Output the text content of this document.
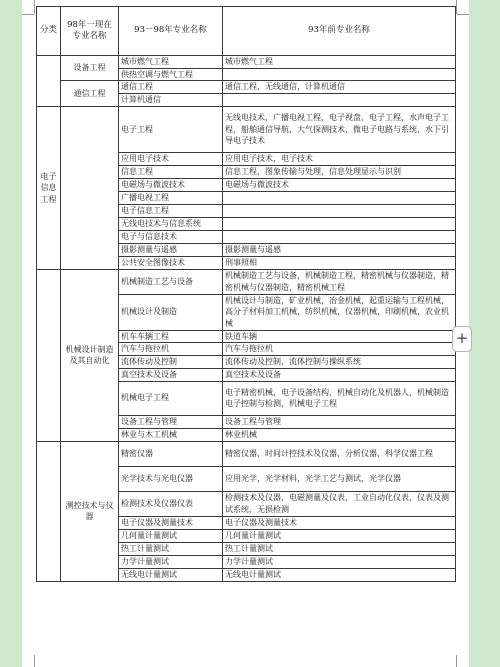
分类	98年一现在专业名称	93－98年专业名称	93年前专业名称
	设备工程	城市燃气工程	城市燃气工程
		供热空调与燃气工程	
	通信工程	通信工程	通信工程，无线通信，计算机通信
		计算机通信	
电子信息工程		电子工程	无线电技术，广播电视工程，电子视盘，电子工程，水声电子工程，船舶通信导航，大气探测技术，微电子电路与系统，水下引导电子技术
		应用电子技术	应用电子技术，电子技术
		信息工程	信息工程，图象传输与处理，信息处理显示与识别
		电磁场与微波技术	电磁场与微波技术
		广播电视工程	
		电子信息工程	
		无线电技术与信息系统	
		电子与信息技术	
		摄影测量与遥感	摄影测量与遥感
		公共安全图像技术	刑事照相
	机械设计制造及其自动化	机械制造工艺与设备	机械制造工艺与设备，机械制造工程，精密机械与仪器制造，精密机械与仪器制造，精密机械工程
		机械设计及制造	机械设计与制造，矿业机械，冶金机械，起重运输与工程机械，高分子材料加工机械，纺织机械，仪器机械，印刷机械，农业机械
		机车车辆工程	铁道车辆
		汽车与拖拉机	汽车与拖拉机
		流体传动及控制	流体传动及控制，流体控制与操纵系统
		真空技术及设备	真空技术及设备
		机械电子工程	电子精密机械，电子设备结构，机械自动化及机器人，机械制造电子控制与检测，机械电子工程
		设备工程与管理	设备工程与管理
		林业与木工机械	林业机械
	测控技术与仪器	精密仪器	精密仪器，时间计控技术及仪器，分析仪器，科学仪器工程
		光学技术与光电仪器	应用光学，光学材料，光学工艺与测试，光学仪器
		检测技术及仪器仪表	检测技术及仪器，电磁测量及仪表，工业自动化仪表，仪表及测试系统，无损检测
		电子仪器及测量技术	电子仪器及测量技术
		几何量计量测试	几何量计量测试
		热工计量测试	热工计量测试
		力学计量测试	力学计量测试
		无线电计量测试	无线电计量测试
+
